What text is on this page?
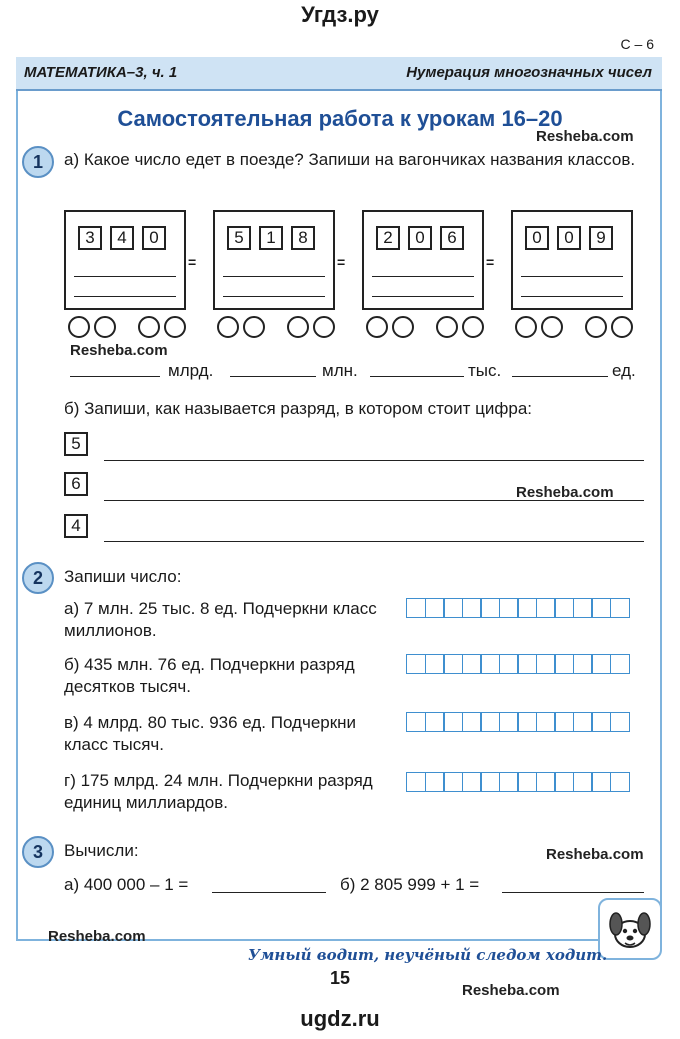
Угдз.ру
С – 6
МАТЕМАТИКА–3, ч. 1	Нумерация многозначных чисел
Самостоятельная работа к урокам 16–20
Resheba.com
Resheba.com
Resheba.com
Resheba.com
Resheba.com
Resheba.com
1	а) Какое число едет в поезде? Запиши на вагончиках названия классов.
3	4	0
=
5	1	8
=
2	0	6
=
0	0	9
млрд.	млн.	тыс.	ед.
б) Запиши, как называется разряд, в котором стоит цифра:
5
6
4
2	Запиши число:
а) 7 млн. 25 тыс. 8 ед. Подчеркни класс миллионов.
б) 435 млн. 76 ед. Подчеркни разряд десятков тысяч.
в) 4 млрд. 80 тыс. 936 ед. Подчеркни класс тысяч.
г) 175 млрд. 24 млн. Подчеркни разряд единиц миллиардов.
3	Вычисли:
а) 400 000 – 1 =	б) 2 805 999 + 1 =
Умный водит, неучёный следом ходит.
15
ugdz.ru
